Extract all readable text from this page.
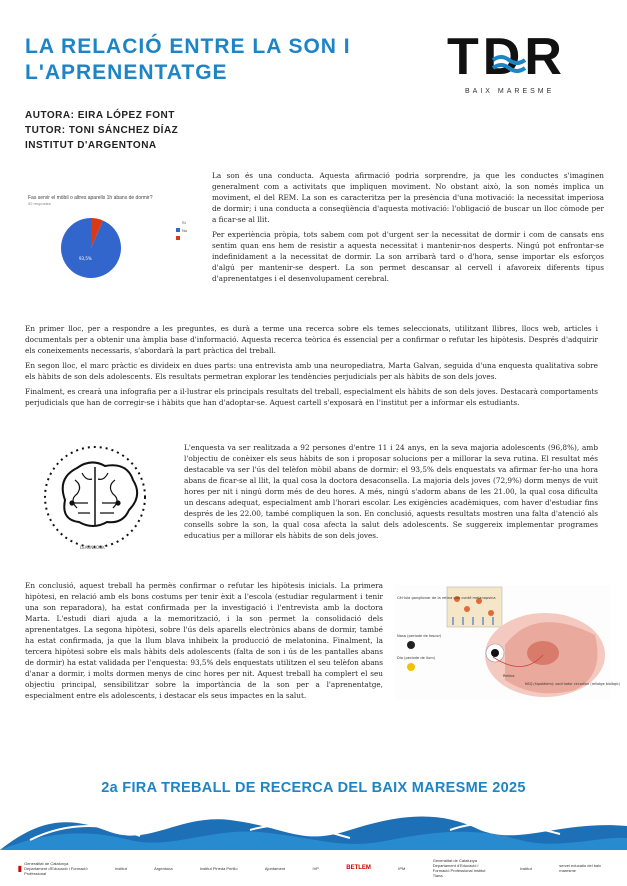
LA RELACIÓ ENTRE LA SON I
L'APRENENTATGE
AUTORA: EIRA LÓPEZ FONT
TUTOR: TONI SÁNCHEZ DÍAZ
INSTITUT D'ARGENTONA
TDR
BAIX MARESME
Fas servir el mòbil o altres aparells 1h abans de dormir?
92 respostes
93,5%
Sí
No

La son és una conducta. Aquesta afirmació podria sorprendre, ja que les conductes s'imaginen generalment com a activitats que impliquen moviment. No obstant això, la son només implica un moviment, el del REM. La son es caracteritza per la presència d'una motivació: la necessitat imperiosa de dormir; i una conducta a conseqüència d'aquesta motivació: l'obligació de buscar un lloc còmode per a ficar-se al llit.

Per experiència pròpia, tots sabem com pot d'urgent ser la necessitat de dormir i com de cansats ens sentim quan ens hem de resistir a aquesta necessitat i mantenir-nos desperts. Ningú pot enfrontar-se indefinidament a la necessitat de dormir. La son arribarà tard o d'hora, sense importar els esforços d'algú per mantenir-se despert. La son permet descansar al cervell i afavoreix diferents tipus d'aprenentatges i el desenvolupament cerebral.

En primer lloc, per a respondre a les preguntes, es durà a terme una recerca sobre els temes seleccionats, utilitzant llibres, llocs web, articles i documentals per a obtenir una àmplia base d'informació. Aquesta recerca teòrica és essencial per a confirmar o refutar les hipòtesis. Després d'adquirir els coneixements necessaris, s'abordarà la part pràctica del treball.

En segon lloc, el marc pràctic es divideix en dues parts: una entrevista amb una neuropediatra, Marta Galvan, seguida d'una enquesta qualitativa sobre els hàbits de son dels adolescents. Els resultats permetran explorar les tendències perjudicials per als hàbits de son dels joves.

Finalment, es crearà una infografia per a il·lustrar els principals resultats del treball, especialment els hàbits de son dels joves. Destacarà comportaments perjudicials que han de corregir-se i hàbits que han d'adoptar-se. Aquest cartell s'exposarà en l'institut per a informar els estudiants.

LEARNBOOK

L'enquesta va ser realitzada a 92 persones d'entre 11 i 24 anys, en la seva majoria adolescents (96,8%), amb l'objectiu de conèixer els seus hàbits de son i proposar solucions per a millorar la seva rutina. El resultat més destacable va ser l'ús del telèfon mòbil abans de dormir: el 93,5% dels enquestats va afirmar fer-ho una hora abans de ficar-se al llit, la qual cosa la doctora desaconsella. La majoria dels joves (72,9%) dorm menys de vuit hores per nit i ningú dorm més de deu hores. A més, ningú s'adorm abans de les 21.00, la qual cosa dificulta un descans adequat, especialment amb l'horari escolar. Les exigències acadèmiques, com haver d'estudiar fins després de les 22.00, també compliquen la son. En conclusió, aquests resultats mostren una falta d'atenció als consells sobre la son, la qual cosa afecta la salut dels adolescents. Se suggereix implementar programes educatius per a millorar els hàbits de son dels joves.

En conclusió, aquest treball ha permès confirmar o refutar les hipòtesis inicials. La primera hipòtesi, en relació amb els bons costums per tenir èxit a l'escola (estudiar regularment i tenir una son reparadora), ha estat confirmada per la investigació i l'entrevista amb la doctora Marta. L'estudi diari ajuda a la memorització, i la son permet la consolidació dels aprenentatges. La segona hipòtesi, sobre l'ús dels aparells electrònics abans de dormir, també ha estat confirmada, ja que la llum blava inhibeix la producció de melatonina. Finalment, la tercera hipòtesi sobre els mals hàbits dels adolescents (falta de son i ús de les pantalles abans de dormir) ha estat validada per l'enquesta: 93,5% dels enquestats utilitzen el seu telèfon abans d'anar a dormir, i molts dormen menys de cinc hores per nit. Aquest treball ha complert el seu objectiu principal, sensibilitzar sobre la importància de la son per a l'aprenentatge, especialment entre els adolescents, i destacar els seus impactes en la salut.

Cèl·lula ganglionar de la retina que conté melanopsina
Nosa (període de foscor)
Dia (període de llum)
Retina
NSQ (hipotàlem): oscil·lador circadiari (rellotge biològic)
2a FIRA TREBALL DE RECERCA DEL BAIX MARESME 2025
▮
Generalitat de Catalunya Departament d'Educació i Formació Professional
Institut	Argentona	Institut Pineda Perillo	Ajuntament	IVP	BETLEM	IPM
Generalitat de Catalunya Departament d'Educació i Formació Professional Institut Tiana
Institut	servei educatiu del baix maresme
